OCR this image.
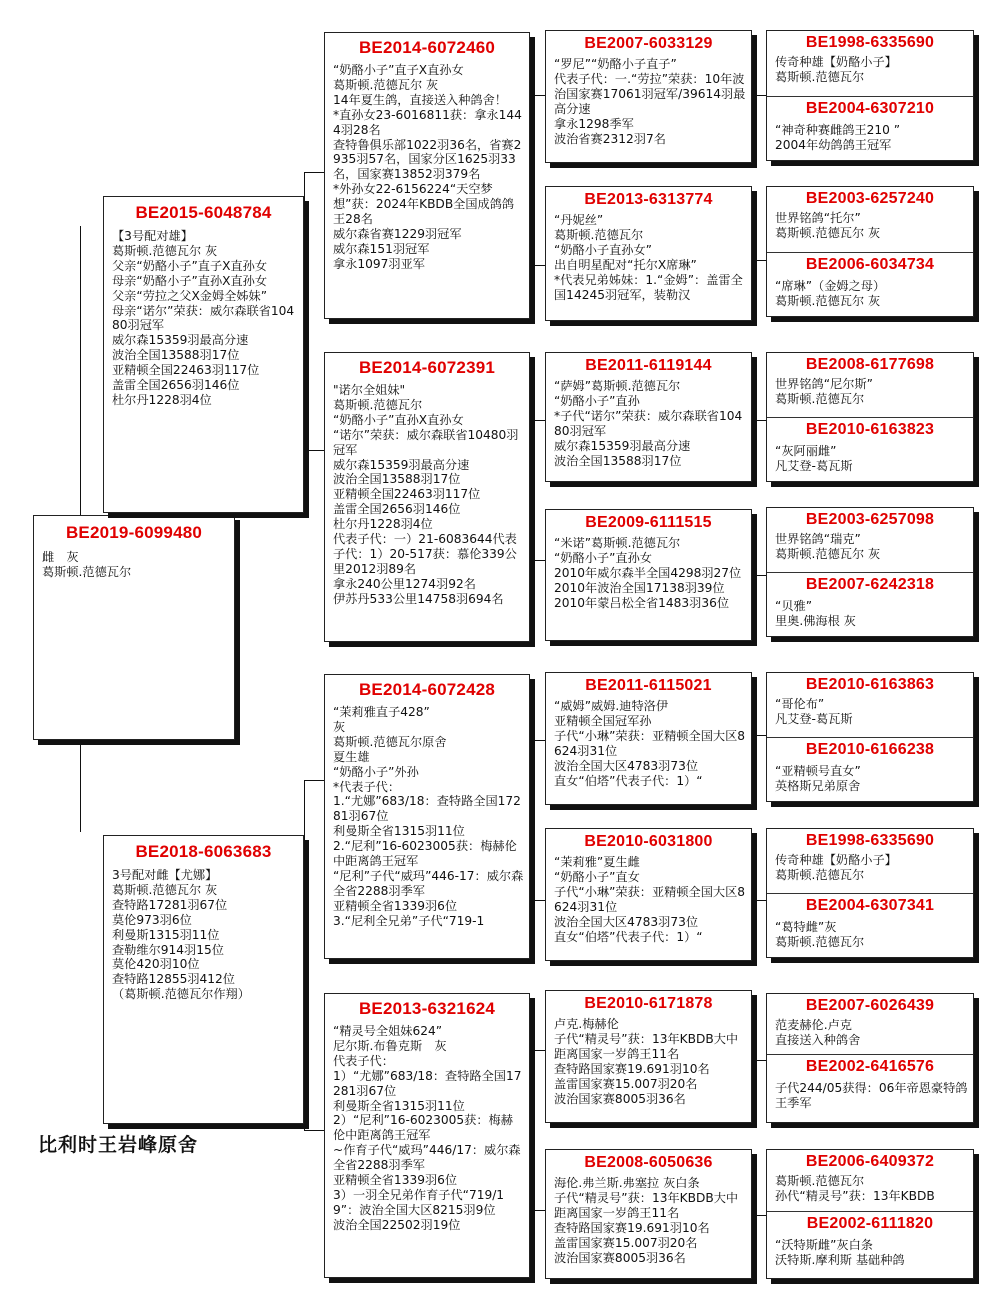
BE2019-6099480
雌　灰
葛斯顿.范德瓦尔
BE2015-6048784
【3号配对雄】
葛斯顿.范德瓦尔 灰
父亲“奶酪小子”直子X直孙女
母亲“奶酪小子”直孙X直孙女
父亲“劳拉之父X金姆全姊妹”
母亲“诺尔”荣获：威尔森联省10480羽冠军
威尔森15359羽最高分速
波治全国13588羽17位
亚精顿全国22463羽117位
盖雷全国2656羽146位
杜尔丹1228羽4位
BE2018-6063683
3号配对雌【尤娜】
葛斯顿.范德瓦尔 灰
查特路17281羽67位
莫伦973羽6位
利曼斯1315羽11位
查勒维尔914羽15位
莫伦420羽10位
查特路12855羽412位
（葛斯顿.范德瓦尔作翔）
BE2014-6072460
“奶酪小子”直子X直孙女
葛斯顿.范德瓦尔 灰
14年夏生鸽，直接送入种鸽舍！
*直孙女23-6016811获：拿永1444羽28名
查特鲁俱乐部1022羽36名，省赛2935羽57名，国家分区1625羽33名，国家赛13852羽379名
*外孙女22-6156224“天空梦想”获：2024年KBDB全国成鸽鸽王28名
威尔森省赛1229羽冠军
威尔森151羽冠军
拿永1097羽亚军
BE2014-6072391
"诺尔全姐妹"
葛斯顿.范德瓦尔
“奶酪小子”直孙X直孙女
“诺尔”荣获：威尔森联省10480羽冠军
威尔森15359羽最高分速
波治全国13588羽17位
亚精顿全国22463羽117位
盖雷全国2656羽146位
杜尔丹1228羽4位
代表子代：一）21-6083644代表子代：1）20-517获：慕伦339公里2012羽89名
拿永240公里1274羽92名
伊苏丹533公里14758羽694名
BE2014-6072428
“茉莉雅直子428”
灰
葛斯顿.范德瓦尔原舍
夏生雄
“奶酪小子”外孙
*代表子代：
1.“尤娜”683/18：查特路全国17281羽67位
利曼斯全省1315羽11位
2.“尼利”16-6023005获：梅赫伦中距离鸽王冠军
“尼利”子代“威玛”446-17：威尔森全省2288羽季军
亚精顿全省1339羽6位
3.“尼利全兄弟”子代“719-1
BE2013-6321624
“精灵号全姐妹624”
尼尔斯.布鲁克斯　灰
代表子代：
1）“尤娜”683/18：查特路全国17281羽67位
利曼斯全省1315羽11位
2）“尼利”16-6023005获：梅赫伦中距离鸽王冠军
~作育子代“威玛”446/17：威尔森全省2288羽季军
亚精顿全省1339羽6位
3）一羽全兄弟作育子代“719/19”：波治全国大区8215羽9位
波治全国22502羽19位
BE2007-6033129
“罗尼”“奶酪小子直子”
代表子代：一.“劳拉”荣获：10年波治国家赛17061羽冠军/39614羽最高分速
拿永1298季军
波治省赛2312羽7名
BE2013-6313774
“丹妮丝”
葛斯顿.范德瓦尔
“奶酪小子直孙女”
出自明星配对“托尔X席琳”
*代表兄弟姊妹：1.“金姆”：盖雷全国14245羽冠军，装勒汉
BE2011-6119144
“萨姆”葛斯顿.范德瓦尔
“奶酪小子”直孙
*子代“诺尔”荣获：威尔森联省10480羽冠军
威尔森15359羽最高分速
波治全国13588羽17位
BE2009-6111515
“米诺”葛斯顿.范德瓦尔
“奶酪小子”直孙女
2010年威尔森半全国4298羽27位
2010年波治全国17138羽39位
2010年蒙吕松全省1483羽36位
BE2011-6115021
“威姆”威姆.迪特洛伊
亚精顿全国冠军孙
子代“小琳”荣获：亚精顿全国大区8624羽31位
波治全国大区4783羽73位
直女“伯塔”代表子代：1）“
BE2010-6031800
“茉莉雅”夏生雌
“奶酪小子”直女
子代“小琳”荣获：亚精顿全国大区8624羽31位
波治全国大区4783羽73位
直女“伯塔”代表子代：1）“
BE2010-6171878
卢克.梅赫伦
子代“精灵号”获：13年KBDB大中距离国家一岁鸽王11名
查特路国家赛19.691羽10名
盖雷国家赛15.007羽20名
波治国家赛8005羽36名
BE2008-6050636
海伦.弗兰斯.弗塞拉 灰白条
子代“精灵号”获：13年KBDB大中距离国家一岁鸽王11名
查特路国家赛19.691羽10名
盖雷国家赛15.007羽20名
波治国家赛8005羽36名
BE1998-6335690
传奇种雄【奶酪小子】
葛斯顿.范德瓦尔
BE2004-6307210
“神奇种赛雌鸽王210 ”
2004年幼鸽鸽王冠军
BE2003-6257240
世界铭鸽“托尔”
葛斯顿.范德瓦尔 灰
BE2006-6034734
“席琳”（金姆之母）
葛斯顿.范德瓦尔 灰
BE2008-6177698
世界铭鸽“尼尔斯”
葛斯顿.范德瓦尔
BE2010-6163823
“灰阿丽雌”
凡艾登-葛瓦斯
BE2003-6257098
世界铭鸽“瑞克”
葛斯顿.范德瓦尔 灰
BE2007-6242318
“贝雅”
里奥.佛海根 灰
BE2010-6163863
“哥伦布”
凡艾登-葛瓦斯
BE2010-6166238
“亚精顿号直女”
英格斯兄弟原舍
BE1998-6335690
传奇种雄【奶酪小子】
葛斯顿.范德瓦尔
BE2004-6307341
“葛特雌”灰
葛斯顿.范德瓦尔
BE2007-6026439
范麦赫伦.卢克
直接送入种鸽舍
BE2002-6416576
子代244/05获得：06年帝恩豪特鸽王季军
BE2006-6409372
葛斯顿.范德瓦尔
孙代“精灵号”获：13年KBDB
BE2002-6111820
“沃特斯雌”灰白条
沃特斯.摩利斯 基础种鸽
比利时王岩峰原舍
